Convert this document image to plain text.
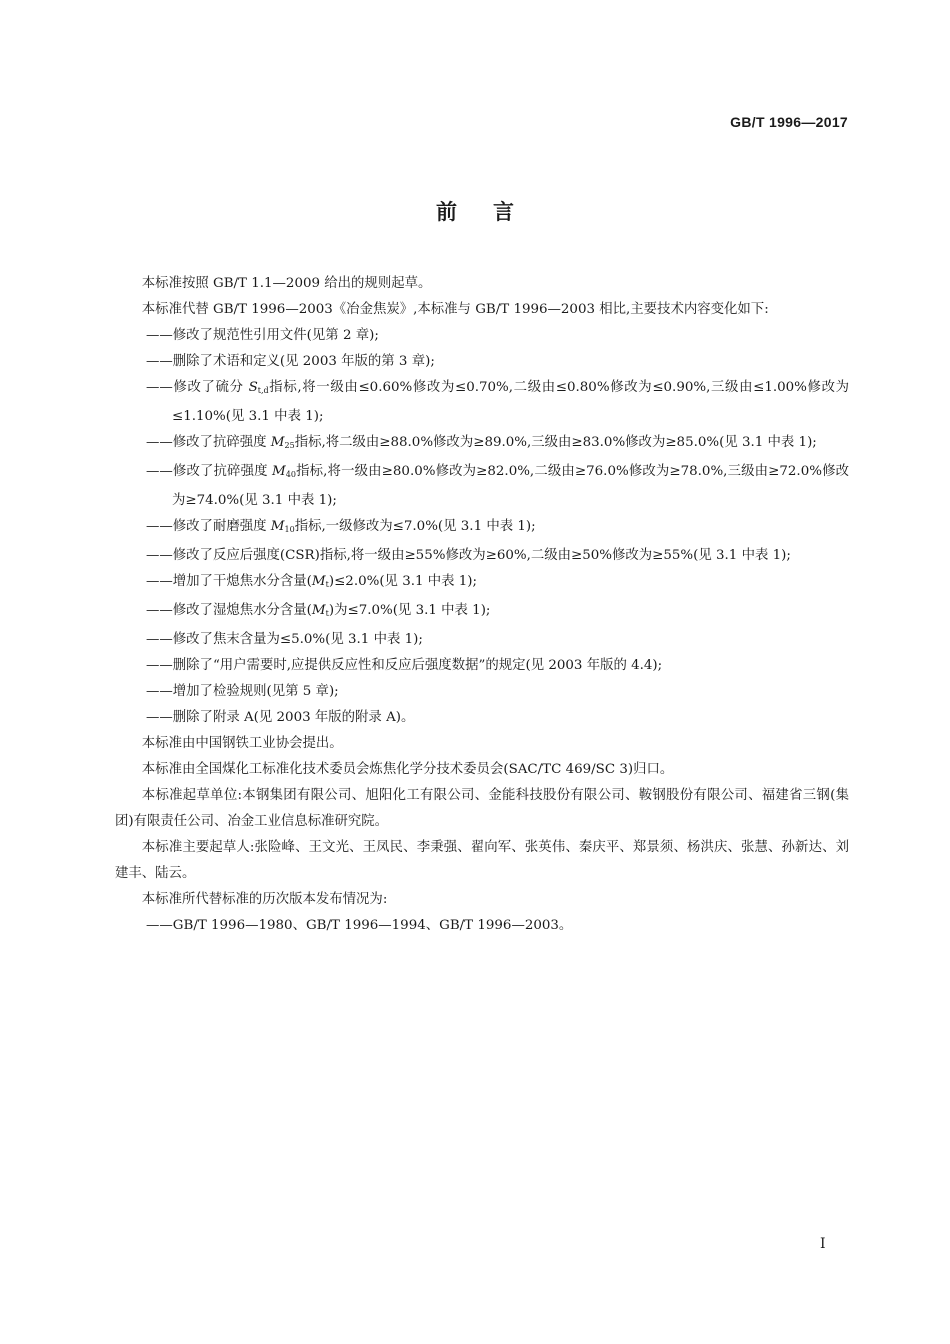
GB/T 1996—2017
前言

本标准按照 GB/T 1.1—2009 给出的规则起草。

本标准代替 GB/T 1996—2003《冶金焦炭》,本标准与 GB/T 1996—2003 相比,主要技术内容变化如下:

——修改了规范性引用文件(见第 2 章);

——删除了术语和定义(见 2003 年版的第 3 章);

——修改了硫分 $S_{t,d}$指标,将一级由≤0.60%修改为≤0.70%,二级由≤0.80%修改为≤0.90%,三级由≤1.00%修改为≤1.10%(见 3.1 中表 1);

——修改了抗碎强度 $M_{25}$指标,将二级由≥88.0%修改为≥89.0%,三级由≥83.0%修改为≥85.0%(见 3.1 中表 1);

——修改了抗碎强度 $M_{40}$指标,将一级由≥80.0%修改为≥82.0%,二级由≥76.0%修改为≥78.0%,三级由≥72.0%修改为≥74.0%(见 3.1 中表 1);

——修改了耐磨强度 $M_{10}$指标,一级修改为≤7.0%(见 3.1 中表 1);

——修改了反应后强度(CSR)指标,将一级由≥55%修改为≥60%,二级由≥50%修改为≥55%(见 3.1 中表 1);

——增加了干熄焦水分含量$(M_t)\le 2.0\%$(见 3.1 中表 1);

——修改了湿熄焦水分含量$(M_t)$为≤7.0%(见 3.1 中表 1);

——修改了焦末含量为≤5.0%(见 3.1 中表 1);

——删除了“用户需要时,应提供反应性和反应后强度数据”的规定(见 2003 年版的 4.4);

——增加了检验规则(见第 5 章);

——删除了附录 A(见 2003 年版的附录 A)。

本标准由中国钢铁工业协会提出。

本标准由全国煤化工标准化技术委员会炼焦化学分技术委员会(SAC/TC 469/SC 3)归口。

本标准起草单位:本钢集团有限公司、旭阳化工有限公司、金能科技股份有限公司、鞍钢股份有限公司、福建省三钢(集团)有限责任公司、冶金工业信息标准研究院。

本标准主要起草人:张险峰、王文光、王凤民、李秉强、翟向军、张英伟、秦庆平、郑景须、杨洪庆、张慧、孙新达、刘建丰、陆云。

本标准所代替标准的历次版本发布情况为:

——GB/T 1996—1980、GB/T 1996—1994、GB/T 1996—2003。

I
